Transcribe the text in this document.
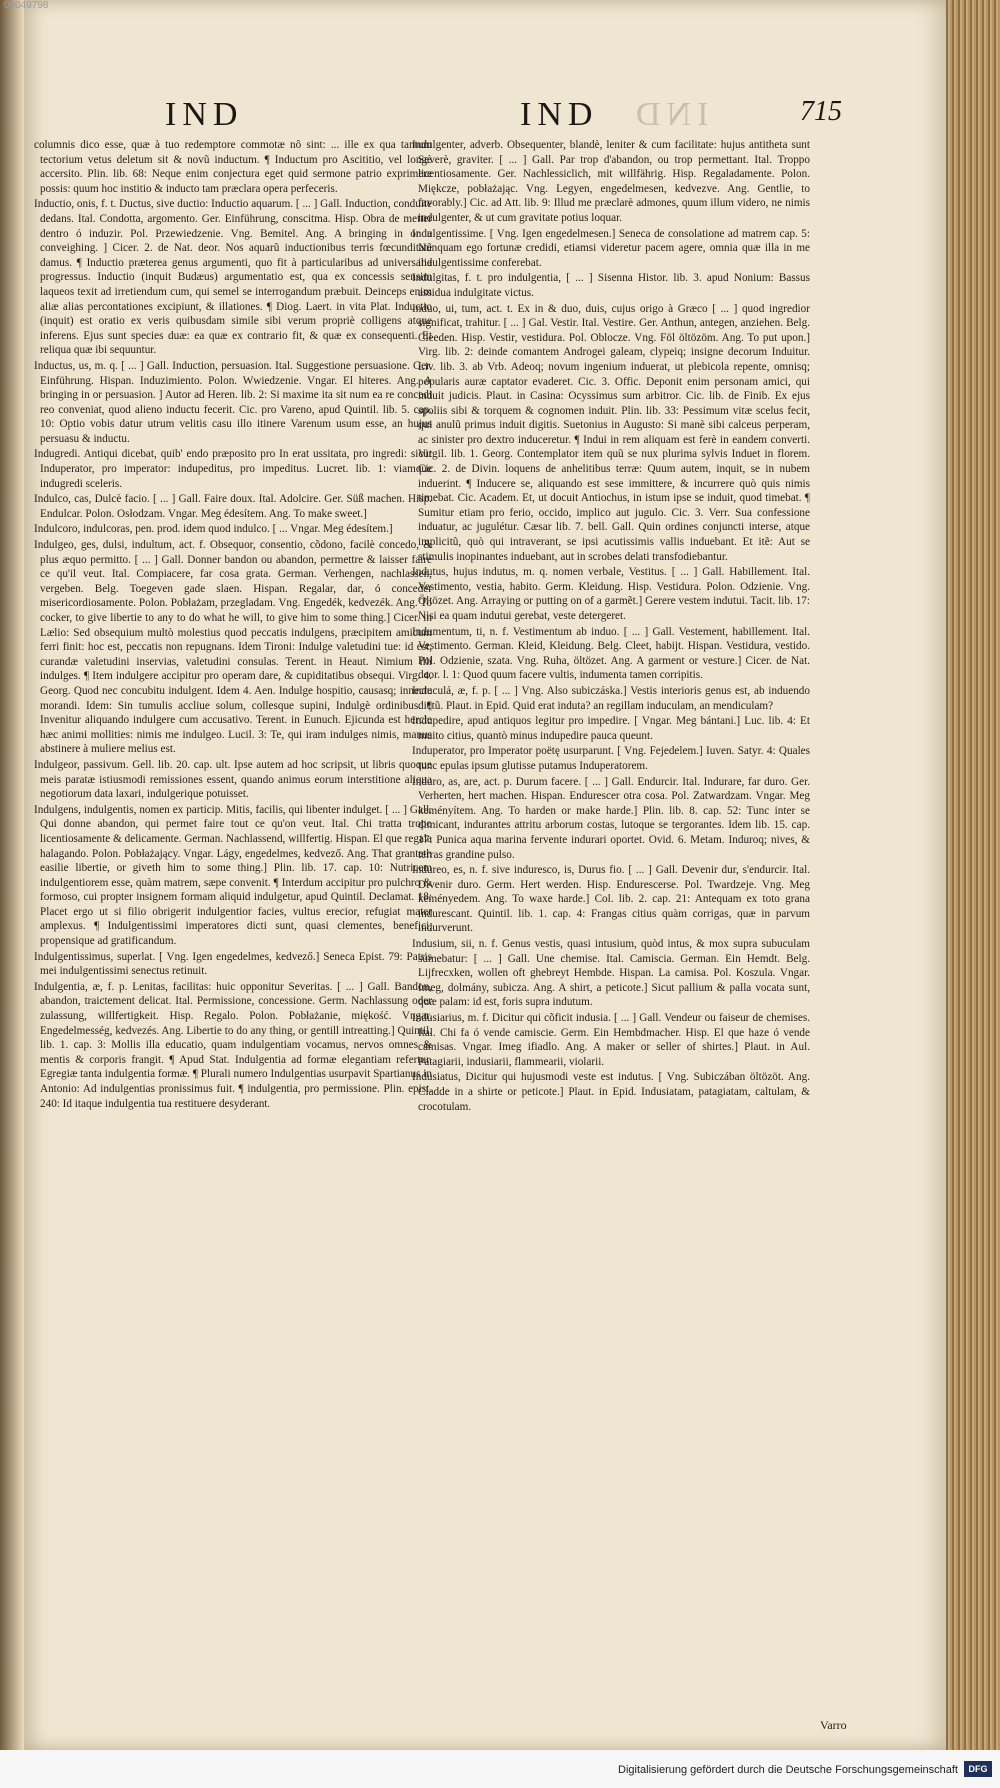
00049798
IND	IND IND	715

columnis dico esse, quæ à tuo redemptore commotæ nô sint: ... ille ex qua tantum tectorium vetus deletum sit & novũ inductum. ¶ Inductum pro Ascititio, vel longè accersito. Plin. lib. 68: Neque enim conjectura eget quid sermone patrio exprimere possis: quum hoc institio & inducto tam præclara opera perfeceris.

Inductio, onis, f. t. Ductus, sive ductio: Inductio aquarum. [ ... ] Gall. Induction, conduite dedans. Ital. Condotta, argomento. Ger. Einführung, conscitma. Hisp. Obra de metter dentro ó induzir. Pol. Przewiedzenie. Vng. Bemitel. Ang. A bringing in or a conveighing. ] Cicer. 2. de Nat. deor. Nos aquarũ inductionibus terris fœcunditatẽ damus. ¶ Inductio præterea genus argumenti, quo fit à particularibus ad universalia progressus. Inductio (inquit Budæus) argumentatio est, qua ex concessis sensim laqueos texit ad irretiendum cum, qui semel se interrogandum præbuit. Deinceps enim aliæ alias percontationes excipiunt, & illationes. ¶ Diog. Laert. in vita Plat. Inductio (inquit) est oratio ex veris quibusdam simile sibi verum propriè colligens atque inferens. Ejus sunt species duæ: ea quæ ex contrario fit, & quæ ex consequenti. Et reliqua quæ ibi sequuntur.

Inductus, us, m. q. [ ... ] Gall. Induction, persuasion. Ital. Suggestione persuasione. Ger. Einführung. Hispan. Induzimiento. Polon. Wwiedzenie. Vngar. El hiteres. Ang. A bringing in or persuasion. ] Autor ad Heren. lib. 2: Si maxime ita sit num ea re concedi reo conveniat, quod alieno inductu fecerit. Cic. pro Vareno, apud Quintil. lib. 5. cap. 10: Optio vobis datur utrum velitis casu illo itinere Varenum usum esse, an hujus persuasu & inductu.

Indugredi. Antiqui dicebat, quib' endo præposito pro In erat ussitata, pro ingredi: sicut Induperator, pro imperator: indupeditus, pro impeditus. Lucret. lib. 1: viamque indugredi sceleris.

Indulco, cas, Dulcè facio. [ ... ] Gall. Faire doux. Ital. Adolcire. Ger. Süß machen. Hisp. Endulcar. Polon. Osłodzam. Vngar. Meg édesítem. Ang. To make sweet.]

Indulcoro, indulcoras, pen. prod. idem quod indulco. [ ... Vngar. Meg édesítem.]

Indulgeo, ges, dulsi, indultum, act. f. Obsequor, consentio, cõdono, facilè concedo, & plus æquo permitto. [ ... ] Gall. Donner bandon ou abandon, permettre & laisser faire ce qu'il veut. Ital. Compiacere, far cosa grata. German. Verhengen, nachlassen, vergeben. Belg. Toegeven gade slaen. Hispan. Regalar, dar, ó conceder misericordiosamente. Polon. Pobłażam, przegladam. Vng. Engedék, kedvezék. Ang. To cocker, to give libertie to any to do what he will, to give him to some thing.] Cicer. in Lælio: Sed obsequium multò molestius quod peccatis indulgens, præcipitem amicum ferri finit: hoc est, peccatis non repugnans. Idem Tironi: Indulge valetudini tue: id est, curandæ valetudini inservias, valetudini consulas. Terent. in Heaut. Nimium illi indulges. ¶ Item indulgere accipitur pro operam dare, & cupiditatibus obsequi. Virg. 4. Georg. Quod nec concubitu indulgent. Idem 4. Aen. Indulge hospitio, causasq; innecte morandi. Idem: Sin tumulis accliue solum, collesque supini, Indulgè ordinibus. ¶ Invenitur aliquando indulgere cum accusativo. Terent. in Eunuch. Ejicunda est hercle hæc animi mollities: nimis me indulgeo. Lucil. 3: Te, qui iram indulges nimis, manus abstinere à muliere melius est.

Indulgeor, passivum. Gell. lib. 20. cap. ult. Ipse autem ad hoc scripsit, ut libris quoque meis paratæ istiusmodi remissiones essent, quando animus eorum interstitione aliqua negotiorum data laxari, indulgerique potuisset.

Indulgens, indulgentis, nomen ex particip. Mitis, facilis, qui libenter indulget. [ ... ] Gall. Qui donne abandon, qui permet faire tout ce qu'on veut. Ital. Chi tratta tropo licentiosamente & delicamente. German. Nachlassend, willfertig. Hispan. El que regala halagando. Polon. Pobłażający. Vngar. Lágy, engedelmes, kedvező. Ang. That granteth easilie libertie, or giveth him to some thing.] Plin. lib. 17. cap. 10: Nutricem indulgentiorem esse, quàm matrem, sæpe convenit. ¶ Interdum accipitur pro pulchro & formoso, cui propter insignem formam aliquid indulgetur, apud Quintil. Declamat. 18: Placet ergo ut si filio obrigerit indulgentior facies, vultus erecior, refugiat mater amplexus. ¶ Indulgentissimi imperatores dicti sunt, quasi clementes, benefici, propensique ad gratificandum.

Indulgentissimus, superlat. [ Vng. Igen engedelmes, kedvező.] Seneca Epist. 79: Patris mei indulgentissimi senectus retinuit.

Indulgentia, æ, f. p. Lenitas, facilitas: huic opponitur Severitas. [ ... ] Gall. Bandon, abandon, traictement delicat. Ital. Permissione, concessione. Germ. Nachlassung oder zulassung, willfertigkeit. Hisp. Regalo. Polon. Pobłażanie, miękość. Vngar. Engedelmesség, kedvezés. Ang. Libertie to do any thing, or gentill intreatting.] Quintil. lib. 1. cap. 3: Mollis illa educatio, quam indulgentiam vocamus, nervos omnes & mentis & corporis frangit. ¶ Apud Stat. Indulgentia ad formæ elegantiam refertur. Egregiæ tanta indulgentia formæ. ¶ Plurali numero Indulgentias usurpavit Spartianus in Antonio: Ad indulgentias pronissimus fuit. ¶ indulgentia, pro permissione. Plin. epist. 240: Id itaque indulgentia tua restituere desyderant.

Indulgenter, adverb. Obsequenter, blandè, leniter & cum facilitate: hujus antitheta sunt Severè, graviter. [ ... ] Gall. Par trop d'abandon, ou trop permettant. Ital. Troppo licentiosamente. Ger. Nachlessiclich, mit willfährig. Hisp. Regaladamente. Polon. Miękcze, pobłażając. Vng. Legyen, engedelmesen, kedvezve. Ang. Gentlie, to favorably.] Cic. ad Att. lib. 9: Illud me præclarè admones, quum illum videro, ne nimis indulgenter, & ut cum gravitate potius loquar.

Indulgentissime. [ Vng. Igen engedelmesen.] Seneca de consolatione ad matrem cap. 5: Nunquam ego fortunæ credidi, etiamsi videretur pacem agere, omnia quæ illa in me indulgentissime conferebat.

Indulgitas, f. t. pro indulgentia, [ ... ] Sisenna Histor. lib. 3. apud Nonium: Bassus assidua indulgitate victus.

Induo, ui, tum, act. t. Ex in & duo, duis, cujus origo à Græco [ ... ] quod ingredior significat, trahitur. [ ... ] Gal. Vestir. Ital. Vestire. Ger. Anthun, antegen, anziehen. Belg. Cleeden. Hisp. Vestir, vestidura. Pol. Oblocze. Vng. Föl öltözöm. Ang. To put upon.] Virg. lib. 2: deinde comantem Androgei galeam, clypeiq; insigne decorum Induitur. Liv. lib. 3. ab Vrb. Adeoq; novum ingenium induerat, ut plebicola repente, omnisq; popularis auræ captator evaderet. Cic. 3. Offic. Deponit enim personam amici, qui induit judicis. Plaut. in Casina: Ocyssimus sum arbitror. Cic. lib. de Finib. Ex ejus spoliis sibi & torquem & cognomen induit. Plin. lib. 33: Pessimum vitæ scelus fecit, qui anulũ primus induit digitis. Suetonius in Augusto: Si manè sibi calceus perperam, ac sinister pro dextro induceretur. ¶ Indui in rem aliquam est ferè in eandem converti. Virgil. lib. 1. Georg. Contemplator item quũ se nux plurima sylvis Induet in florem. Cic. 2. de Divin. loquens de anhelitibus terræ: Quum autem, inquit, se in nubem induerint. ¶ Inducere se, aliquando est sese immittere, & incurrere quò quis nimis timebat. Cic. Academ. Et, ut docuit Antiochus, in istum ipse se induit, quod timebat. ¶ Sumitur etiam pro ferio, occido, implico aut jugulo. Cic. 3. Verr. Sua confessione induatur, ac jugulétur. Cæsar lib. 7. bell. Gall. Quin ordines conjuncti interse, atque implicitũ, quò qui intraverant, se ipsi acutissimis vallis induebant. Et itẽ: Aut se stimulis inopinantes induebant, aut in scrobes delati transfodiebantur.

Indutus, hujus indutus, m. q. nomen verbale, Vestitus. [ ... ] Gall. Habillement. Ital. Vestimento, vestia, habito. Germ. Kleidung. Hisp. Vestidura. Polon. Odzienie. Vng. Öltözet. Ang. Arraying or putting on of a garmẽt.] Gerere vestem indutui. Tacit. lib. 17: Nisi ea quam indutui gerebat, veste detergeret.

Indumentum, ti, n. f. Vestimentum ab induo. [ ... ] Gall. Vestement, habillement. Ital. Vestimento. German. Kleid, Kleidung. Belg. Cleet, habijt. Hispan. Vestidura, vestido. Pol. Odzienie, szata. Vng. Ruha, öltözet. Ang. A garment or vesture.] Cicer. de Nat. deor. l. 1: Quod quum facere vultis, indumenta tamen corripitis.

Induculá, æ, f. p. [ ... ] Vng. Also subiczáska.] Vestis interioris genus est, ab induendo dictũ. Plaut. in Epid. Quid erat induta? an regillam induculam, an mendiculam?

Indupedire, apud antiquos legitur pro impedire. [ Vngar. Meg bántani.] Luc. lib. 4: Et muito citius, quantò minus indupedire pauca queunt.

Induperator, pro Imperator poëtę usurparunt. [ Vng. Fejedelem.] Iuven. Satyr. 4: Quales tunc epulas ipsum glutisse putamus Induperatorem.

Induro, as, are, act. p. Durum facere. [ ... ] Gall. Endurcir. Ital. Indurare, far duro. Ger. Verherten, hert machen. Hispan. Endurescer otra cosa. Pol. Zatwardzam. Vngar. Meg keményítem. Ang. To harden or make harde.] Plin. lib. 8. cap. 52: Tunc inter se dimicant, indurantes attritu arborum costas, lutoque se tergorantes. Idem lib. 15. cap. 17: Punica aqua marina fervente indurari oportet. Ovid. 6. Metam. Induroq; nives, & terras grandine pulso.

Indureo, es, n. f. sive induresco, is, Durus fio. [ ... ] Gall. Devenir dur, s'endurcir. Ital. Divenir duro. Germ. Hert werden. Hisp. Endurescerse. Pol. Twardzeje. Vng. Meg keményedem. Ang. To waxe harde.] Col. lib. 2. cap. 21: Antequam ex toto grana indurescant. Quintil. lib. 1. cap. 4: Frangas citius quàm corrigas, quæ in parvum indurverunt.

Indusium, sii, n. f. Genus vestis, quasi intusium, quòd intus, & mox supra subuculam sumebatur: [ ... ] Gall. Une chemise. Ital. Camiscia. German. Ein Hemdt. Belg. Lijfrecxken, wollen oft ghebreyt Hembde. Hispan. La camisa. Pol. Koszula. Vngar. Imeg, dolmány, subicza. Ang. A shirt, a peticote.] Sicut pallium & palla vocata sunt, quæ palam: id est, foris supra indutum.

Indusiarius, m. f. Dicitur qui cõficit indusia. [ ... ] Gall. Vendeur ou faiseur de chemises. Ital. Chi fa ó vende camiscie. Germ. Ein Hembdmacher. Hisp. El que haze ó vende camisas. Vngar. Imeg ifiadlo. Ang. A maker or seller of shirtes.] Plaut. in Aul. Patagiarii, indusiarii, flammearii, violarii.

Indusiatus, Dicitur qui hujusmodi veste est indutus. [ Vng. Subiczában öltözöt. Ang. Cladde in a shirte or peticote.] Plaut. in Epid. Indusiatam, patagiatam, caltulam, & crocotulam.

Varro
Digitalisierung gefördert durch die Deutsche Forschungsgemeinschaft	DFG
